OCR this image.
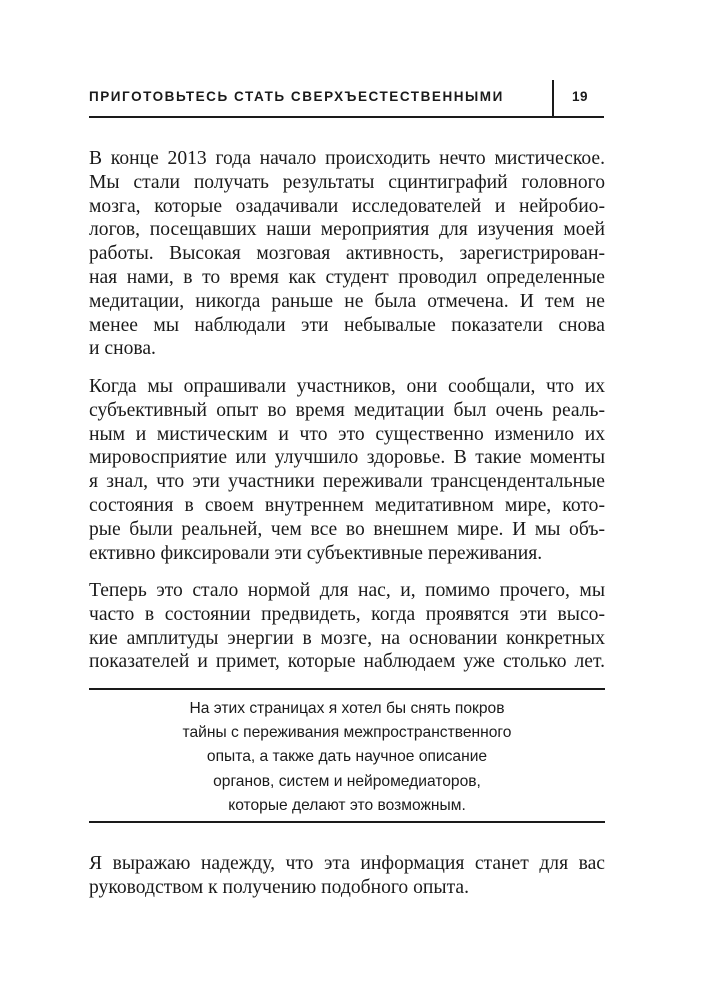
ПРИГОТОВЬТЕСЬ СТАТЬ СВЕРХЪЕСТЕСТВЕННЫМИ	19

В конце 2013 года начало происходить нечто мистическое.
Мы стали получать результаты сцинтиграфий головного
мозга, которые озадачивали исследователей и нейробио-
логов, посещавших наши мероприятия для изучения моей
работы. Высокая мозговая активность, зарегистрирован-
ная нами, в то время как студент проводил определенные
медитации, никогда раньше не была отмечена. И тем не
менее мы наблюдали эти небывалые показатели снова
и снова.

Когда мы опрашивали участников, они сообщали, что их
субъективный опыт во время медитации был очень реаль-
ным и мистическим и что это существенно изменило их
мировосприятие или улучшило здоровье. В такие моменты
я знал, что эти участники переживали трансцендентальные
состояния в своем внутреннем медитативном мире, кото-
рые были реальней, чем все во внешнем мире. И мы объ-
ективно фиксировали эти субъективные переживания.

Теперь это стало нормой для нас, и, помимо прочего, мы
часто в состоянии предвидеть, когда проявятся эти высо-
кие амплитуды энергии в мозге, на основании конкретных
показателей и примет, которые наблюдаем уже столько лет.

На этих страницах я хотел бы снять покров
тайны с переживания межпространственного
опыта, а также дать научное описание
органов, систем и нейромедиаторов,
которые делают это возможным.

Я выражаю надежду, что эта информация станет для вас
руководством к получению подобного опыта.
